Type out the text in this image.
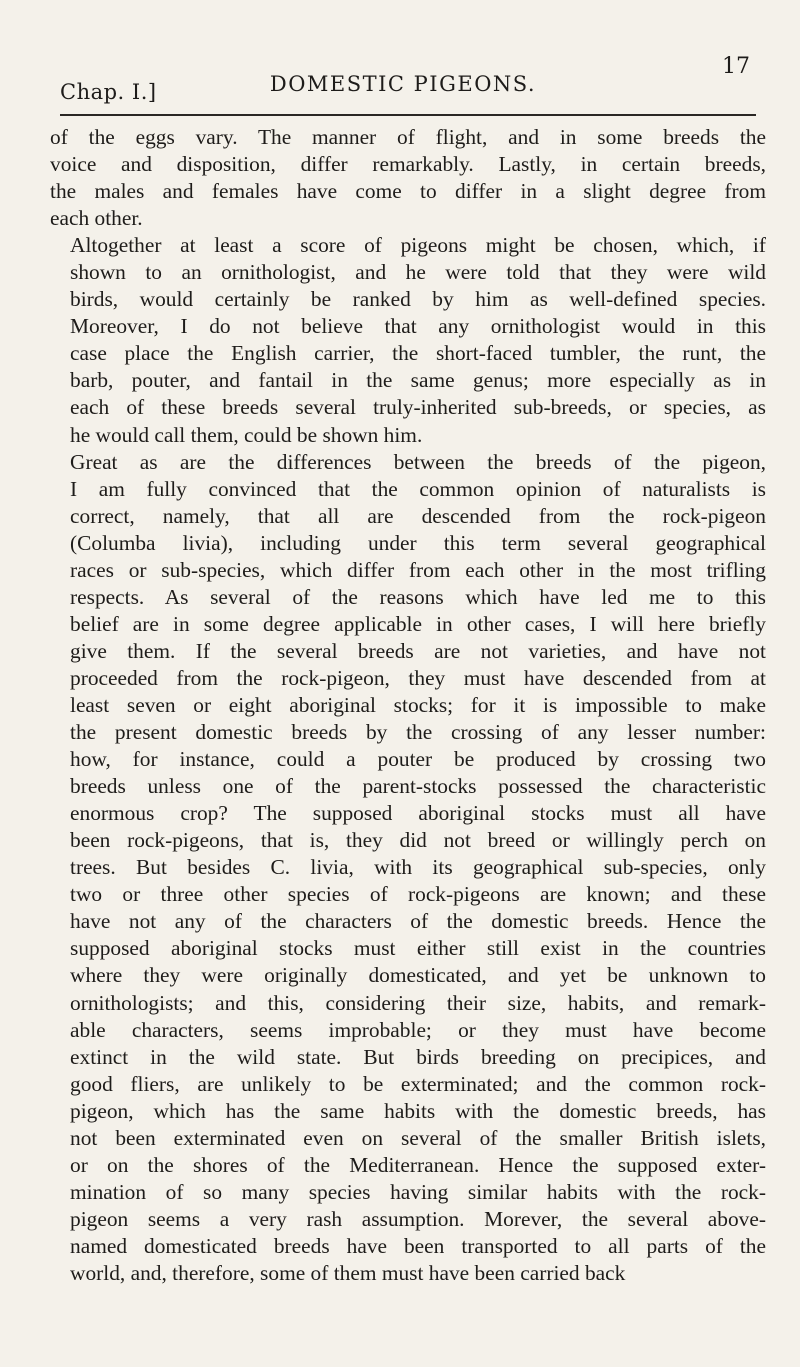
Chap. I.]	DOMESTIC PIGEONS.
17

of the eggs vary. The manner of flight, and in some breeds the
voice and disposition, differ remarkably. Lastly, in certain breeds,
the males and females have come to differ in a slight degree from
each other.

Altogether at least a score of pigeons might be chosen, which, if
shown to an ornithologist, and he were told that they were wild
birds, would certainly be ranked by him as well-defined species.
Moreover, I do not believe that any ornithologist would in this
case place the English carrier, the short-faced tumbler, the runt, the
barb, pouter, and fantail in the same genus; more especially as in
each of these breeds several truly-inherited sub-breeds, or species, as
he would call them, could be shown him.

Great as are the differences between the breeds of the pigeon,
I am fully convinced that the common opinion of naturalists is
correct, namely, that all are descended from the rock-pigeon
(Columba livia), including under this term several geographical
races or sub-species, which differ from each other in the most trifling
respects. As several of the reasons which have led me to this
belief are in some degree applicable in other cases, I will here briefly
give them. If the several breeds are not varieties, and have not
proceeded from the rock-pigeon, they must have descended from at
least seven or eight aboriginal stocks; for it is impossible to make
the present domestic breeds by the crossing of any lesser number:
how, for instance, could a pouter be produced by crossing two
breeds unless one of the parent-stocks possessed the characteristic
enormous crop? The supposed aboriginal stocks must all have
been rock-pigeons, that is, they did not breed or willingly perch on
trees. But besides C. livia, with its geographical sub-species, only
two or three other species of rock-pigeons are known; and these
have not any of the characters of the domestic breeds. Hence the
supposed aboriginal stocks must either still exist in the countries
where they were originally domesticated, and yet be unknown to
ornithologists; and this, considering their size, habits, and remark-
able characters, seems improbable; or they must have become
extinct in the wild state. But birds breeding on precipices, and
good fliers, are unlikely to be exterminated; and the common rock-
pigeon, which has the same habits with the domestic breeds, has
not been exterminated even on several of the smaller British islets,
or on the shores of the Mediterranean. Hence the supposed exter-
mination of so many species having similar habits with the rock-
pigeon seems a very rash assumption. Morever, the several above-
named domesticated breeds have been transported to all parts of the
world, and, therefore, some of them must have been carried back
